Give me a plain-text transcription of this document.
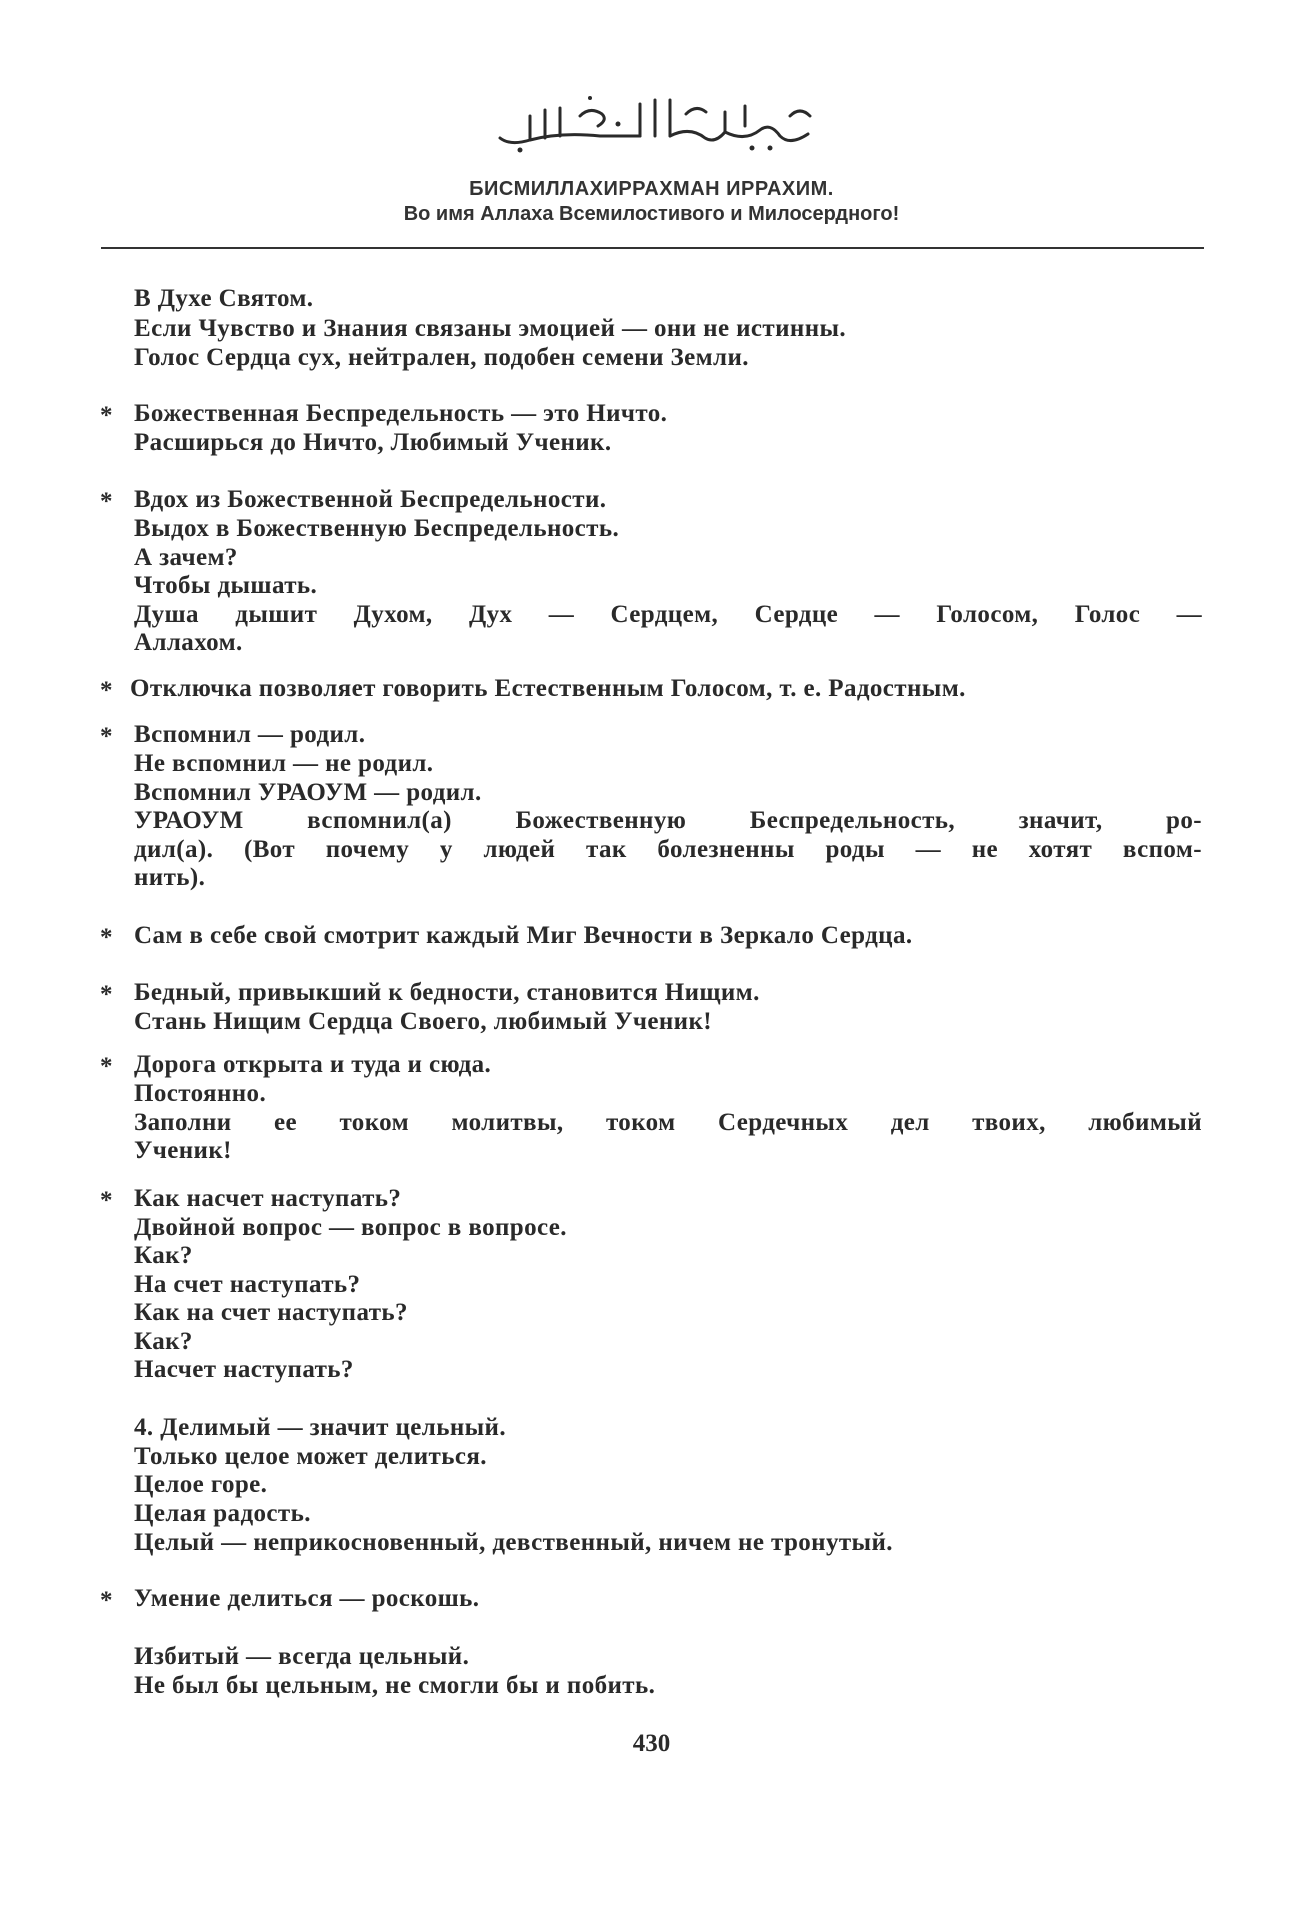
БИСМИЛЛАХИРРАХМАН ИРРАХИМ.
Во имя Аллаха Всемилостивого и Милосердного!
В Духе Святом.
Если Чувство и Знания связаны эмоцией — они не истинны.
Голос Сердца сух, нейтрален, подобен семени Земли.
* Божественная Беспредельность — это Ничто.
Расширься до Ничто, Любимый Ученик.
* Вдох из Божественной Беспредельности.
Выдох в Божественную Беспредельность.
А зачем?
Чтобы дышать.
Душа дышит Духом, Дух — Сердцем, Сердце — Голосом, Голос —
Аллахом.
* Отключка позволяет говорить Естественным Голосом, т. е. Радостным.
* Вспомнил — родил.
Не вспомнил — не родил.
Вспомнил УРАОУМ — родил.
УРАОУМ вспомнил(а) Божественную Беспредельность, значит, ро-
дил(а). (Вот почему у людей так болезненны роды — не хотят вспом-
нить).
* Сам в себе свой смотрит каждый Миг Вечности в Зеркало Сердца.
* Бедный, привыкший к бедности, становится Нищим.
Стань Нищим Сердца Своего, любимый Ученик!
* Дорога открыта и туда и сюда.
Постоянно.
Заполни ее током молитвы, током Сердечных дел твоих, любимый
Ученик!
* Как насчет наступать?
Двойной вопрос — вопрос в вопросе.
Как?
На счет наступать?
Как на счет наступать?
Как?
Насчет наступать?
4. Делимый — значит цельный.
Только целое может делиться.
Целое горе.
Целая радость.
Целый — неприкосновенный, девственный, ничем не тронутый.
* Умение делиться — роскошь.
Избитый — всегда цельный.
Не был бы цельным, не смогли бы и побить.
430
